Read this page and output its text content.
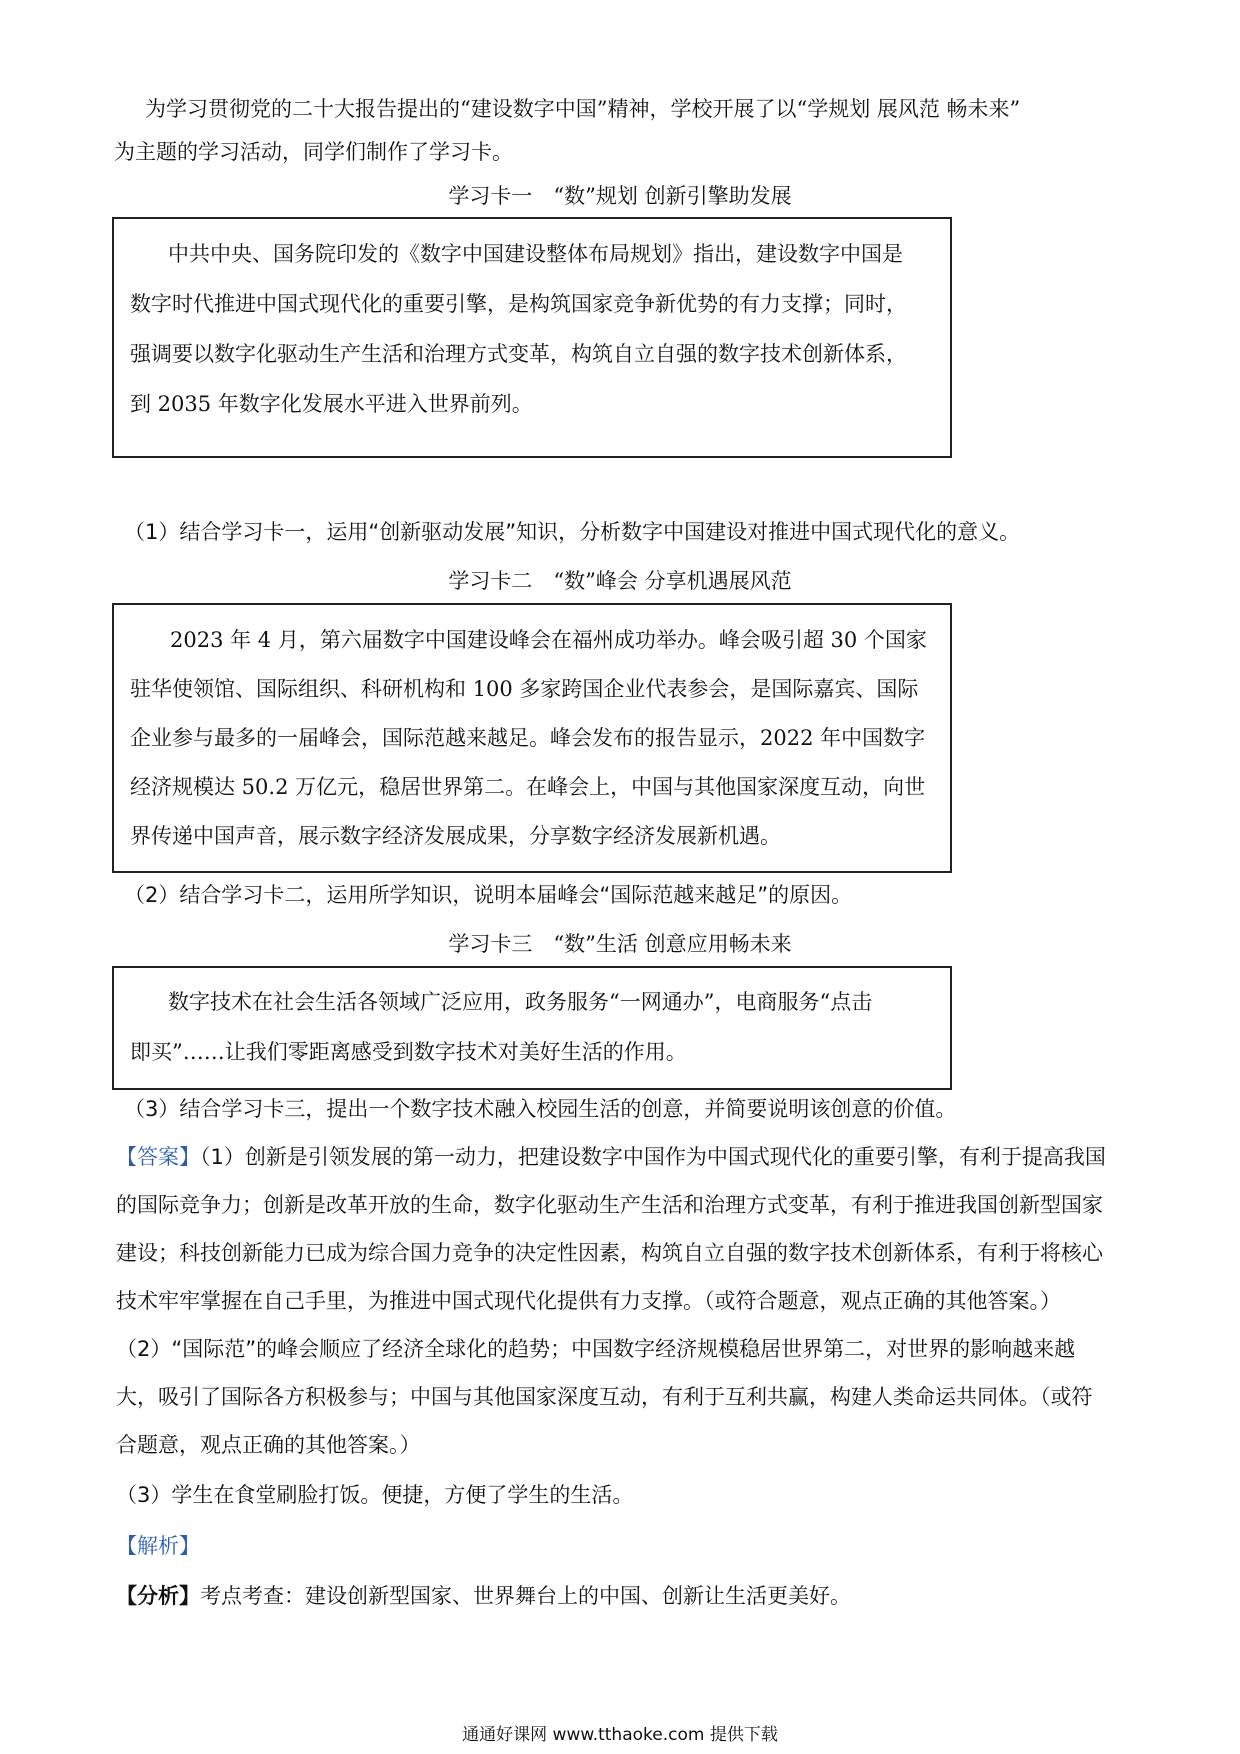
为学习贯彻党的二十大报告提出的“建设数字中国”精神，学校开展了以“学规划 展风范 畅未来”
为主题的学习活动，同学们制作了学习卡。
学习卡一　“数”规划 创新引擎助发展
中共中央、国务院印发的《数字中国建设整体布局规划》指出，建设数字中国是
数字时代推进中国式现代化的重要引擎，是构筑国家竞争新优势的有力支撑；同时，
强调要以数字化驱动生产生活和治理方式变革，构筑自立自强的数字技术创新体系，
到 2035 年数字化发展水平进入世界前列。
（1）结合学习卡一，运用“创新驱动发展”知识，分析数字中国建设对推进中国式现代化的意义。
学习卡二　“数”峰会 分享机遇展风范
2023 年 4 月，第六届数字中国建设峰会在福州成功举办。峰会吸引超 30 个国家
驻华使领馆、国际组织、科研机构和 100 多家跨国企业代表参会，是国际嘉宾、国际
企业参与最多的一届峰会，国际范越来越足。峰会发布的报告显示，2022 年中国数字
经济规模达 50.2 万亿元，稳居世界第二。在峰会上，中国与其他国家深度互动，向世
界传递中国声音，展示数字经济发展成果，分享数字经济发展新机遇。
（2）结合学习卡二，运用所学知识，说明本届峰会“国际范越来越足”的原因。
学习卡三　“数”生活 创意应用畅未来
数字技术在社会生活各领域广泛应用，政务服务“一网通办”，电商服务“点击
即买”……让我们零距离感受到数字技术对美好生活的作用。
（3）结合学习卡三，提出一个数字技术融入校园生活的创意，并简要说明该创意的价值。
【答案】（1）创新是引领发展的第一动力，把建设数字中国作为中国式现代化的重要引擎，有利于提高我国
的国际竞争力；创新是改革开放的生命，数字化驱动生产生活和治理方式变革，有利于推进我国创新型国家
建设；科技创新能力已成为综合国力竞争的决定性因素，构筑自立自强的数字技术创新体系，有利于将核心
技术牢牢掌握在自己手里，为推进中国式现代化提供有力支撑。（或符合题意，观点正确的其他答案。）
（2）“国际范”的峰会顺应了经济全球化的趋势；中国数字经济规模稳居世界第二，对世界的影响越来越
大，吸引了国际各方积极参与；中国与其他国家深度互动，有利于互利共赢，构建人类命运共同体。（或符
合题意，观点正确的其他答案。）
（3）学生在食堂刷脸打饭。便捷，方便了学生的生活。
【解析】
【分析】考点考查：建设创新型国家、世界舞台上的中国、创新让生活更美好。
通通好课网 www.tthaoke.com 提供下载
